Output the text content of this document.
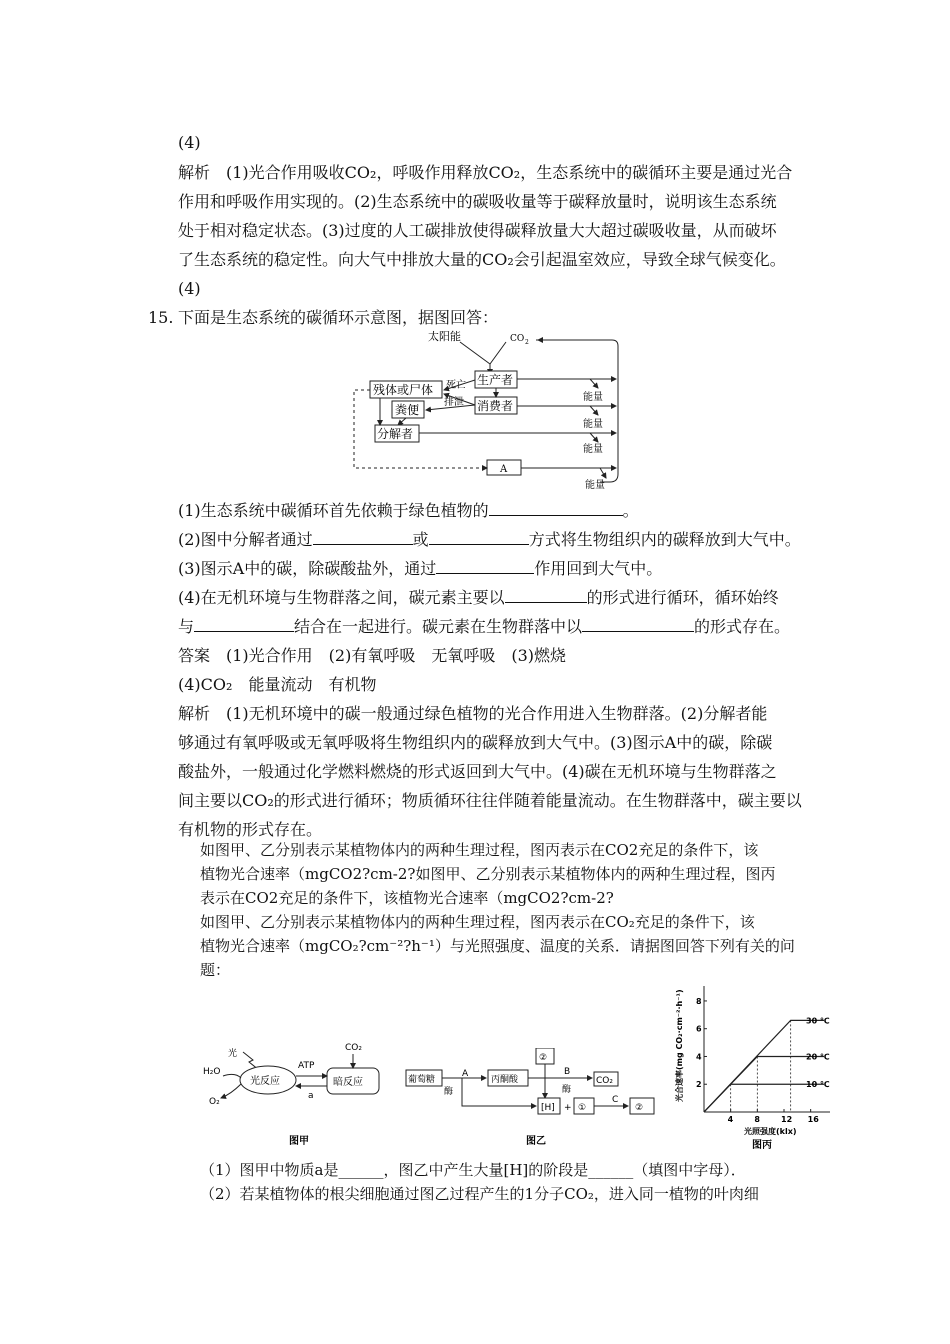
(4)
解析　(1)光合作用吸收CO₂，呼吸作用释放CO₂，生态系统中的碳循环主要是通过光合
作用和呼吸作用实现的。(2)生态系统中的碳吸收量等于碳释放量时，说明该生态系统
处于相对稳定状态。(3)过度的人工碳排放使得碳释放量大大超过碳吸收量，从而破坏
了生态系统的稳定性。向大气中排放大量的CO₂会引起温室效应，导致全球气候变化。
(4)
15. 下面是生态系统的碳循环示意图，据图回答：
太阳能	CO 2
残体或尸体 死亡
排泄
生产者
消费者
粪便
分解者
A
能量
能量
能量
能量
(1)生态系统中碳循环首先依赖于绿色植物的	。
(2)图中分解者通过	或	方式将生物组织内的碳释放到大气中。
(3)图示A中的碳，除碳酸盐外，通过	作用回到大气中。
(4)在无机环境与生物群落之间，碳元素主要以	的形式进行循环，循环始终
与	结合在一起进行。碳元素在生物群落中以	的形式存在。
答案　(1)光合作用　(2)有氧呼吸　无氧呼吸　(3)燃烧
(4)CO₂　能量流动　有机物
解析　(1)无机环境中的碳一般通过绿色植物的光合作用进入生物群落。(2)分解者能
够通过有氧呼吸或无氧呼吸将生物组织内的碳释放到大气中。(3)图示A中的碳，除碳
酸盐外，一般通过化学燃料燃烧的形式返回到大气中。(4)碳在无机环境与生物群落之
间主要以CO₂的形式进行循环；物质循环往往伴随着能量流动。在生物群落中，碳主要以
有机物的形式存在。
如图甲、乙分别表示某植物体内的两种生理过程，图丙表示在CO2充足的条件下，该
植物光合速率（mgCO2?cm-2?如图甲、乙分别表示某植物体内的两种生理过程，图丙
表示在CO2充足的条件下，该植物光合速率（mgCO2?cm-2?
如图甲、乙分别表示某植物体内的两种生理过程，图丙表示在CO₂充足的条件下，该
植物光合速率（mgCO₂?cm⁻²?h⁻¹）与光照强度、温度的关系．请据图回答下列有关的问
题：
光
H₂O
O₂
光反应	暗反应
CO₂
ATP
a
图甲
葡萄糖
酶
A
丙酮酸
②
B
酶
CO₂
[H] + ①
C
②
图乙
4	8	12 16
2
4
6
8
30 ℃
20 ℃
10 ℃
光照强度(klx)
光合速率(mg CO₂·cm⁻²·h⁻¹)
图丙
（1）图甲中物质a是______，图乙中产生大量[H]的阶段是______（填图中字母）．
（2）若某植物体的根尖细胞通过图乙过程产生的1分子CO₂，进入同一植物的叶肉细
